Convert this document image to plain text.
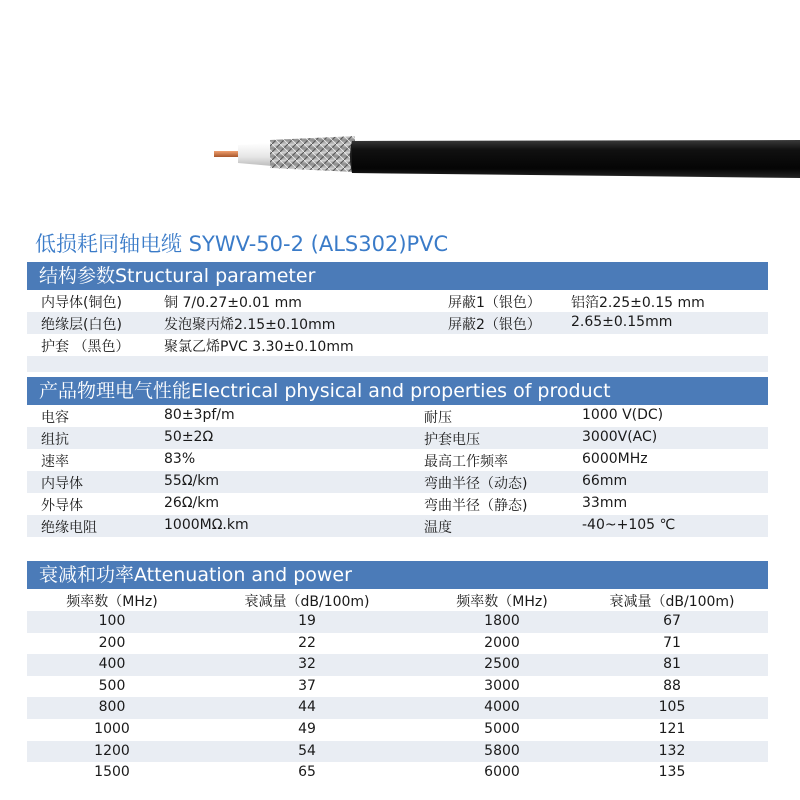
低损耗同轴电缆 SYWV-50-2 (ALS302)PVC
结构参数Structural parameter
内导体(铜色)	铜 7/0.27±0.01 mm	屏蔽1（银色） 铝箔2.25±0.15 mm
绝缘层(白色)	发泡聚丙烯2.15±0.10mm	屏蔽2（银色） 2.65±0.15mm
护套 （黑色） 聚氯乙烯PVC 3.30±0.10mm
产品物理电气性能Electrical physical and properties of product
电容	80±3pf/m	耐压	1000 V(DC)
组抗	50±2Ω	护套电压	3000V(AC)
速率	83%	最高工作频率	6000MHz
内导体	55Ω/km	弯曲半径（动态)	66mm
外导体	26Ω/km	弯曲半径（静态)	33mm
绝缘电阻	1000MΩ.km	温度	-40~+105 ℃
衰减和功率Attenuation and power
频率数（MHz)	衰减量（dB/100m)	频率数（MHz)	衰减量（dB/100m)
100	19	1800	67
200	22	2000	71
400	32	2500	81
500	37	3000	88
800	44	4000	105
1000	49	5000	121
1200	54	5800	132
1500	65	6000	135
